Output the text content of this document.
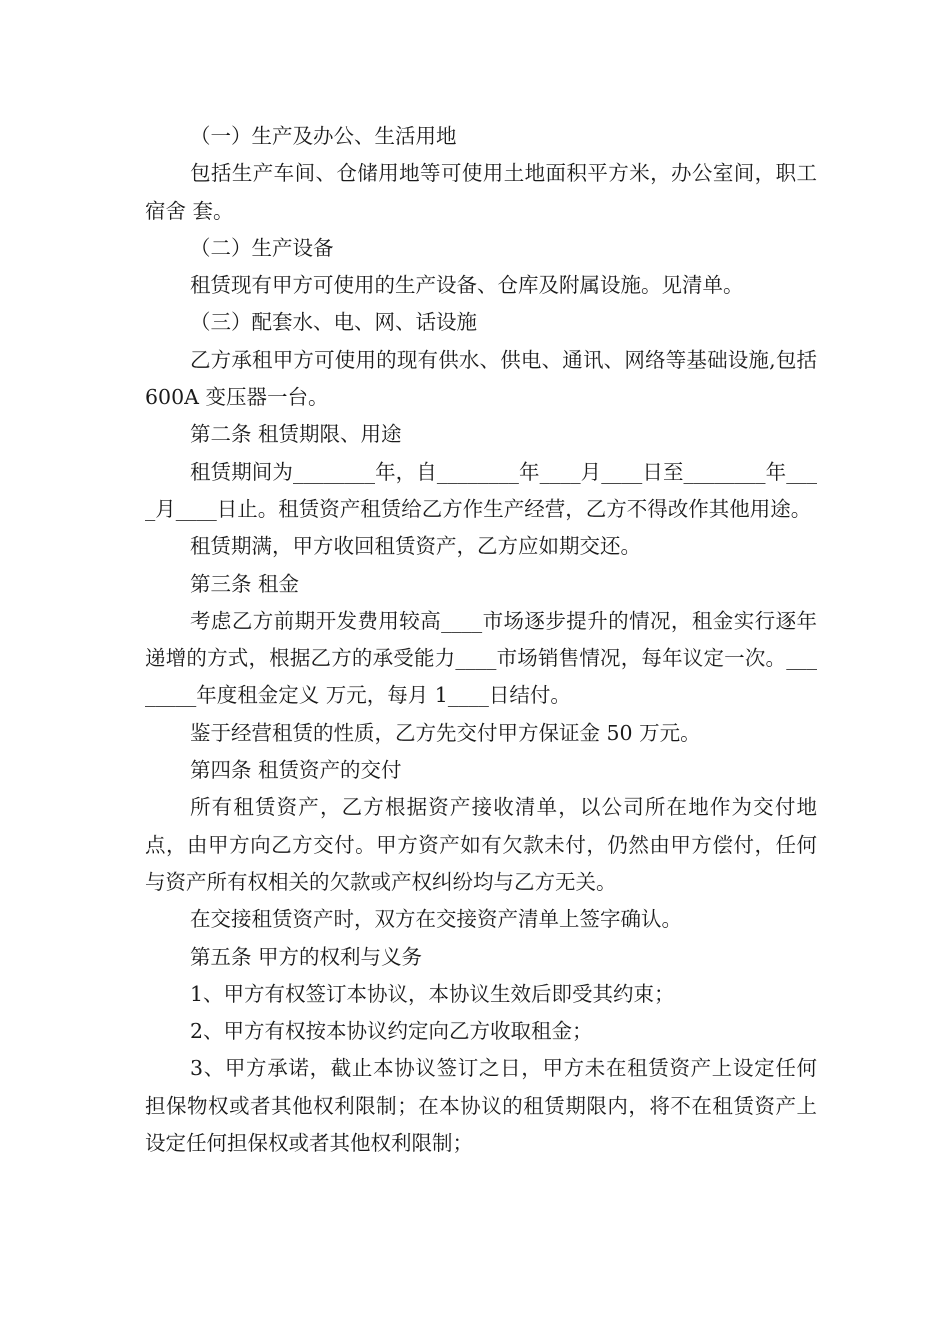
（一）生产及办公、生活用地

包括生产车间、仓储用地等可使用土地面积平方米，办公室间，职工宿舍 套。

（二）生产设备

租赁现有甲方可使用的生产设备、仓库及附属设施。见清单。

（三）配套水、电、网、话设施

乙方承租甲方可使用的现有供水、供电、通讯、网络等基础设施,包括 600A 变压器一台。

第二条 租赁期限、用途

租赁期间为________年，自________年____月____日至________年____月____日止。租赁资产租赁给乙方作生产经营，乙方不得改作其他用途。

租赁期满，甲方收回租赁资产，乙方应如期交还。

第三条 租金

考虑乙方前期开发费用较高____市场逐步提升的情况，租金实行逐年递增的方式，根据乙方的承受能力____市场销售情况，每年议定一次。________年度租金定义 万元，每月 1____日结付。

鉴于经营租赁的性质，乙方先交付甲方保证金 50 万元。

第四条 租赁资产的交付

所有租赁资产，乙方根据资产接收清单，以公司所在地作为交付地点，由甲方向乙方交付。甲方资产如有欠款未付，仍然由甲方偿付，任何与资产所有权相关的欠款或产权纠纷均与乙方无关。

在交接租赁资产时，双方在交接资产清单上签字确认。

第五条 甲方的权利与义务

1、甲方有权签订本协议，本协议生效后即受其约束；

2、甲方有权按本协议约定向乙方收取租金；

3、甲方承诺，截止本协议签订之日，甲方未在租赁资产上设定任何担保物权或者其他权利限制；在本协议的租赁期限内，将不在租赁资产上设定任何担保权或者其他权利限制；
